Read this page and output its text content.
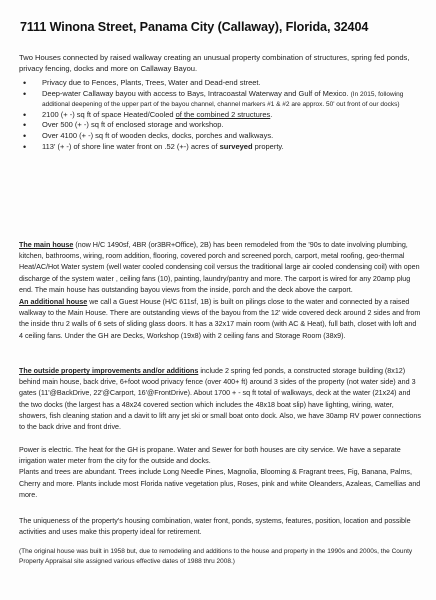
7111 Winona Street, Panama City (Callaway), Florida, 32404
Two Houses connected by raised walkway creating an unusual property combination of structures, spring fed ponds, privacy fencing, docks and more on Callaway Bayou.
• Privacy due to Fences, Plants, Trees, Water and Dead-end street.
• Deep-water Callaway bayou with access to Bays, Intracoastal Waterway and Gulf of Mexico. (In 2015, following additional deepening of the upper part of the bayou channel, channel markers #1 & #2 are approx. 50' out front of our docks)
• 2100 (+ -) sq ft of space Heated/Cooled of the combined 2 structures.
• Over 500 (+ -) sq ft of enclosed storage and workshop.
• Over 4100 (+ -) sq ft of wooden decks, docks, porches and walkways.
• 113' (+ -) of shore line water front on .52 (+-) acres of surveyed property.
The main house (now H/C 1490sf, 4BR (or3BR+Office), 2B) has been remodeled from the '90s to date involving plumbing, kitchen, bathrooms, wiring, room addition, flooring, covered porch and screened porch, carport, metal roofing, geo-thermal Heat/AC/Hot Water system (well water cooled condensing coil versus the traditional large air cooled condensing coil) with open discharge of the system water , ceiling fans (10), painting, laundry/pantry and more. The carport is wired for any 20amp plug end. The main house has outstanding bayou views from the inside, porch and the deck above the carport.
An additional house we call a Guest House (H/C 611sf, 1B) is built on pilings close to the water and connected by a raised walkway to the Main House. There are outstanding views of the bayou from the 12' wide covered deck around 2 sides and from the inside thru 2 walls of 6 sets of sliding glass doors. It has a 32x17 main room (with AC & Heat), full bath, closet with loft and 4 ceiling fans. Under the GH are Decks, Workshop (19x8) with 2 ceiling fans and Storage Room (38x9).
The outside property improvements and/or additions include 2 spring fed ponds, a constructed storage building (8x12) behind main house, back drive, 6+foot wood privacy fence (over 400+ ft) around 3 sides of the property (not water side) and 3 gates (11'@BackDrive, 22'@Carport, 16'@FrontDrive). About 1700 + - sq ft total of walkways, deck at the water (21x24) and the two docks (the largest has a 48x24 covered section which includes the 48x18 boat slip) have lighting, wiring, water, showers, fish cleaning station and a davit to lift any jet ski or small boat onto dock. Also, we have 30amp RV power connections to the back drive and front drive.
Power is electric. The heat for the GH is propane. Water and Sewer for both houses are city service. We have a separate irrigation water meter from the city for the outside and docks.
Plants and trees are abundant. Trees include Long Needle Pines, Magnolia, Blooming & Fragrant trees, Fig, Banana, Palms, Cherry and more. Plants include most Florida native vegetation plus, Roses, pink and white Oleanders, Azaleas, Camellias and more.
The uniqueness of the property's housing combination, water front, ponds, systems, features, position, location and possible activities and uses make this property ideal for retirement.
(The original house was built in 1958 but, due to remodeling and additions to the house and property in the 1990s and 2000s, the County Property Appraisal site assigned various effective dates of 1988 thru 2008.)
